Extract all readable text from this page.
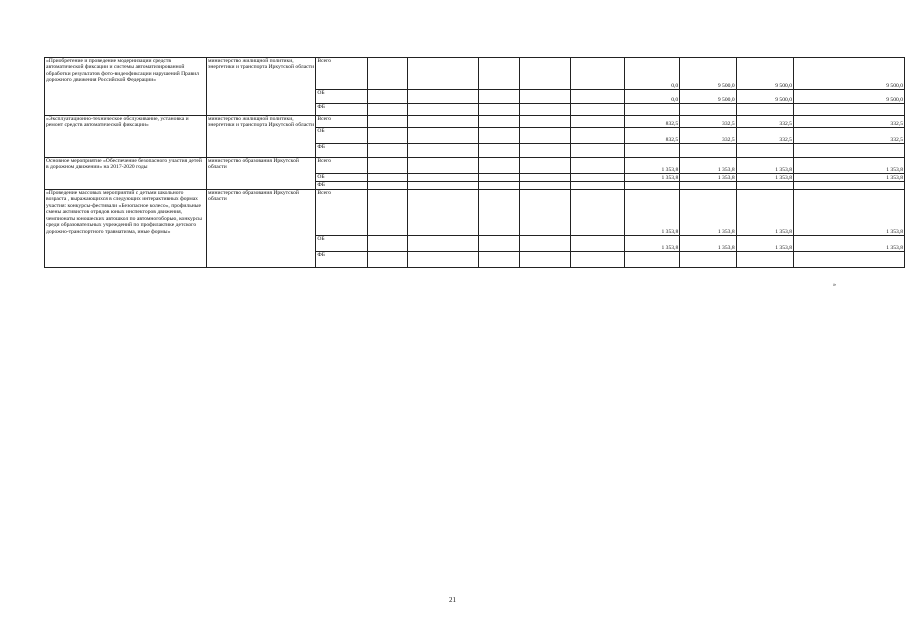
«Приобретение и проведение модернизации средств автоматической фиксации и системы автоматизированной обработки результатов фото-видеофиксации нарушений Правил дорожного движения Российской Федерации»	министерство жилищной политики, энергетики и транспорта Иркутской области	Всего						0,0	9 500,0	9 500,0	9 500,0
		ОБ						0,0	9 500,0	9 500,0	9 500,0
		ФБ									
«Эксплуатационно-техническое обслуживание, установка и ремонт средств автоматической фиксации»	министерство жилищной политики, энергетики и транспорта Иркутской области	Всего						832,5	332,5	332,5	332,5
		ОБ						832,5	332,5	332,5	332,5
		ФБ									
Основное мероприятие «Обеспечение безопасного участия детей в дорожном движении» на 2017-2020 годы	министерство образования Иркутской области	Всего						1 353,8	1 353,8	1 353,8	1 353,8
		ОБ						1 353,8	1 353,8	1 353,8	1 353,8
		ФБ									
«Проведение массовых мероприятий с детьми школьного возраста , выражающихся в следующих интерактивных формах участия: конкурсы-фестивали «Безопасное колесо», профильные смены активистов отрядов юных инспекторов движения, чемпионаты юношеских автошкол по автомногоборью, конкурсы среди образовательных учреждений по профилактике детского дорожно-транспортного травматизма, иные формы»	министерство образования Иркутской области	Всего						1 353,8	1 353,8	1 353,8	1 353,8
		ОБ						1 353,8	1 353,8	1 353,8	1 353,8
		ФБ									
»
21
